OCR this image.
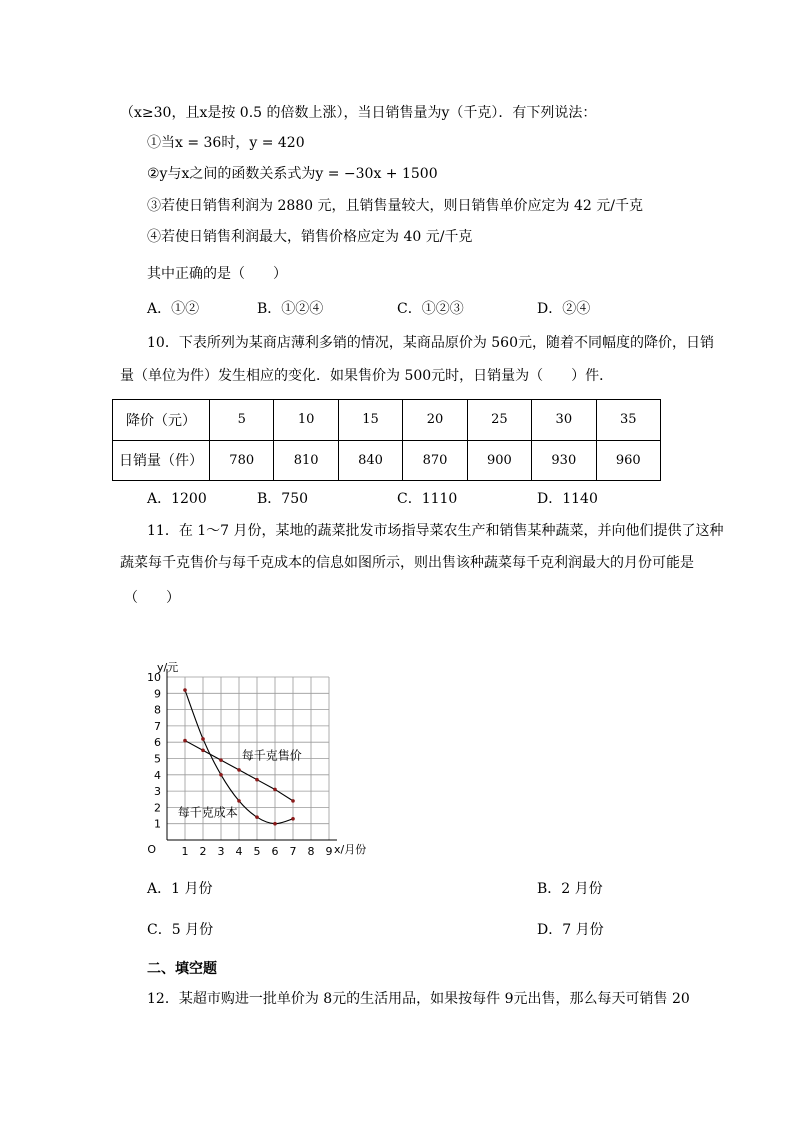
（x≥30，且x是按 0.5 的倍数上涨），当日销售量为y（千克）．有下列说法：
①当x = 36时，y = 420
②y与x之间的函数关系式为y = −30x + 1500
③若使日销售利润为 2880 元，且销售量较大，则日销售单价应定为 42 元/千克
④若使日销售利润最大，销售价格应定为 40 元/千克
其中正确的是（　　）
A．①②	B．①②④	C．①②③	D．②④
10．下表所列为某商店薄利多销的情况，某商品原价为 560元，随着不同幅度的降价，日销
量（单位为件）发生相应的变化．如果售价为 500元时，日销量为（　　）件．
降价（元）	5	10	15	20	25	30	35
日销量（件）	780	810	840	870	900	930	960
A．1200	B．750	C．1110	D．1140
11．在 1～7 月份，某地的蔬菜批发市场指导菜农生产和销售某种蔬菜，并向他们提供了这种
蔬菜每千克售价与每千克成本的信息如图所示，则出售该种蔬菜每千克利润最大的月份可能是
（　　）
1 2 3 4 5 6 7 8 9
1
2
3
4
5
6
7
8
9
10
O
y/元
x/月份
每千克售价
每千克成本
A．1 月份	B．2 月份
C．5 月份	D．7 月份
二、填空题
12．某超市购进一批单价为 8元的生活用品，如果按每件 9元出售，那么每天可销售 20
